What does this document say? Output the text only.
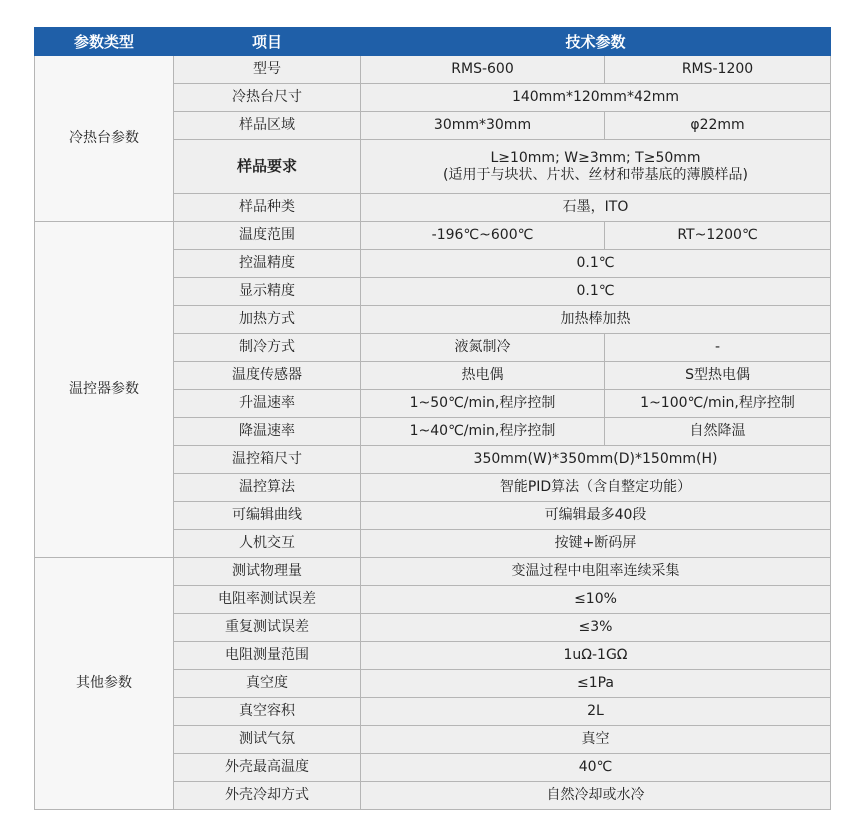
参数类型	项目	技术参数	
冷热台参数	型号	RMS-600	RMS-1200
	冷热台尺寸	140mm*120mm*42mm	
	样品区域	30mm*30mm	φ22mm
	样品要求	L≥10mm; W≥3mm; T≥50mm
(适用于与块状、片状、丝材和带基底的薄膜样品)	

	样品种类	石墨，ITO	
温控器参数	温度范围	-196℃~600℃	RT~1200℃
	控温精度	0.1℃	
	显示精度	0.1℃	
	加热方式	加热棒加热	
	制冷方式	液氮制冷	-
	温度传感器	热电偶	S型热电偶
	升温速率	1~50℃/min,程序控制	1~100℃/min,程序控制
	降温速率	1~40℃/min,程序控制	自然降温
	温控箱尺寸	350mm(W)*350mm(D)*150mm(H)	
	温控算法	智能PID算法（含自整定功能）	
	可编辑曲线	可编辑最多40段	
	人机交互	按键+断码屏	
其他参数	测试物理量	变温过程中电阻率连续采集	
	电阻率测试误差	≤10%	
	重复测试误差	≤3%	
	电阻测量范围	1uΩ-1GΩ	
	真空度	≤1Pa	
	真空容积	2L	
	测试气氛	真空	
	外壳最高温度	40℃	
	外壳冷却方式	自然冷却或水冷	
